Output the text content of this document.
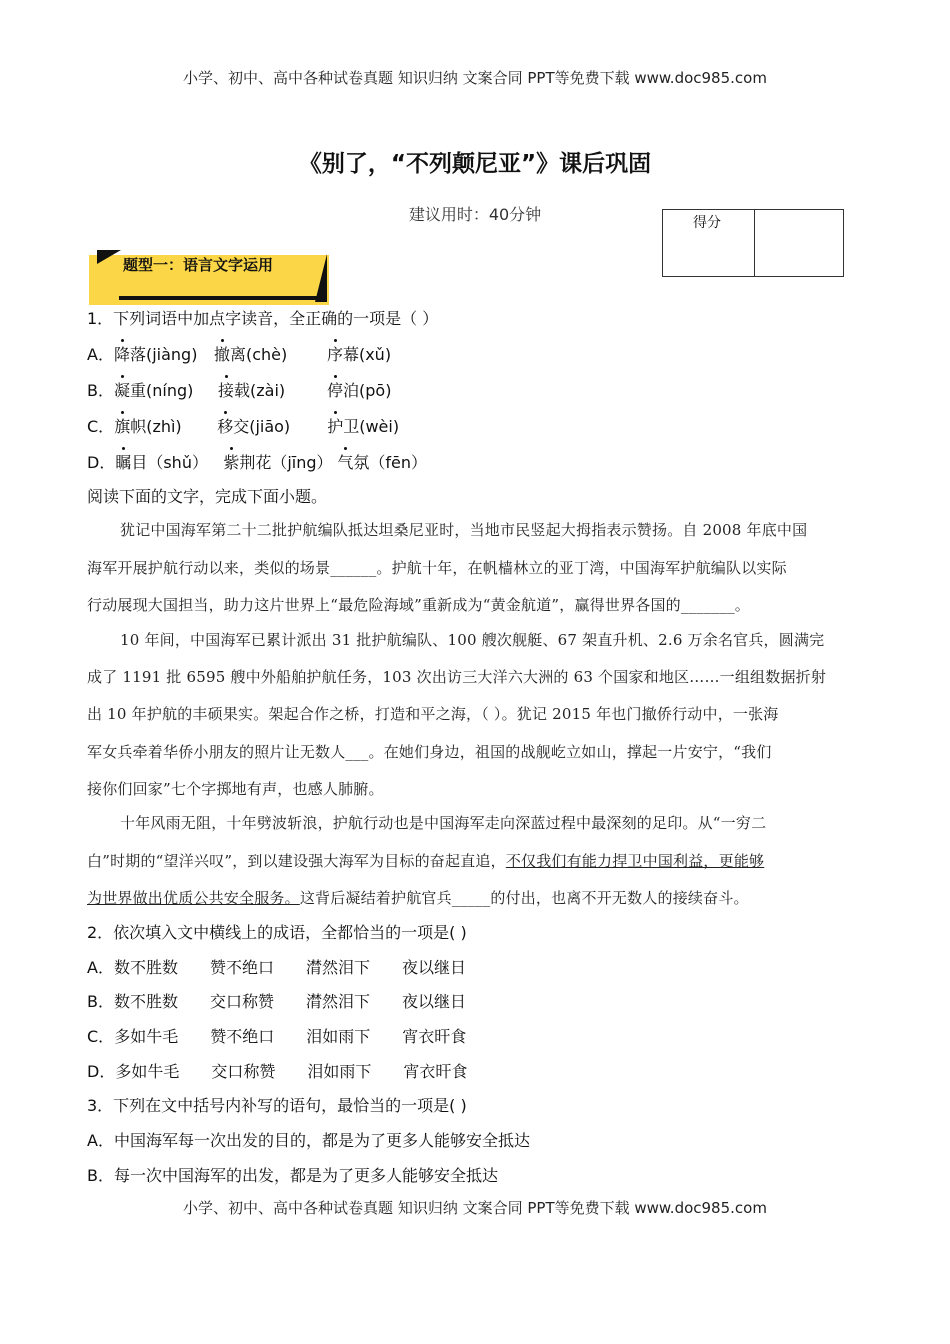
小学、初中、高中各种试卷真题 知识归纳 文案合同 PPT等免费下载 www.doc985.com
《别了，“不列颠尼亚”》课后巩固
建议用时：40分钟	得分
题型一：语言文字运用
1．下列词语中加点字读音，全正确的一项是（ ）
A．降落(jiàng) 撤离(chè) 序幕(xǔ)
B．凝重(níng) 接载(zài)	停泊(pō)
C．旗帜(zhì) 移交(jiāo) 护卫(wèi)
D．瞩目（shǔ） 紫荆花（jīng） 气氛（fēn）
阅读下面的文字，完成下面小题。
犹记中国海军第二十二批护航编队抵达坦桑尼亚时，当地市民竖起大拇指表示赞扬。自 2008 年底中国
海军开展护航行动以来，类似的场景______。护航十年，在帆樯林立的亚丁湾，中国海军护航编队以实际
行动展现大国担当，助力这片世界上“最危险海域”重新成为“黄金航道”，赢得世界各国的_______。
10 年间，中国海军已累计派出 31 批护航编队、100 艘次舰艇、67 架直升机、2.6 万余名官兵，圆满完
成了 1191 批 6595 艘中外船舶护航任务，103 次出访三大洋六大洲的 63 个国家和地区……一组组数据折射
出 10 年护航的丰硕果实。架起合作之桥，打造和平之海，（ ）。犹记 2015 年也门撤侨行动中，一张海
军女兵牵着华侨小朋友的照片让无数人___。在她们身边，祖国的战舰屹立如山，撑起一片安宁，“我们
接你们回家”七个字掷地有声，也感人肺腑。
十年风雨无阻，十年劈波斩浪，护航行动也是中国海军走向深蓝过程中最深刻的足印。从“一穷二
白”时期的“望洋兴叹”，到以建设强大海军为目标的奋起直追，不仅我们有能力捍卫中国利益，更能够
为世界做出优质公共安全服务。这背后凝结着护航官兵_____的付出，也离不开无数人的接续奋斗。
2．依次填入文中横线上的成语，全都恰当的一项是( )
A．数不胜数 赞不绝口 潸然泪下 夜以继日
B．数不胜数 交口称赞 潸然泪下 夜以继日
C．多如牛毛 赞不绝口 泪如雨下 宵衣旰食
D．多如牛毛 交口称赞 泪如雨下 宵衣旰食
3．下列在文中括号内补写的语句，最恰当的一项是( )
A．中国海军每一次出发的目的，都是为了更多人能够安全抵达
B．每一次中国海军的出发，都是为了更多人能够安全抵达
小学、初中、高中各种试卷真题 知识归纳 文案合同 PPT等免费下载 www.doc985.com
